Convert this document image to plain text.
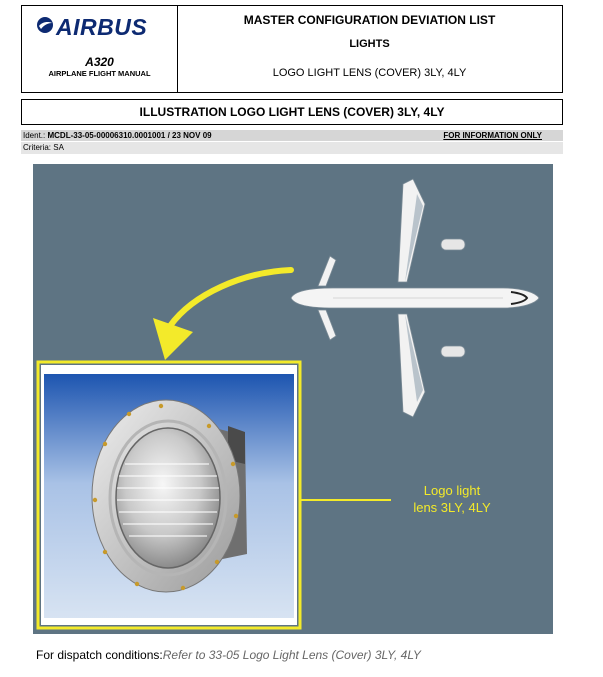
AIRBUS
A320
AIRPLANE FLIGHT MANUAL
MASTER CONFIGURATION DEVIATION LIST
LIGHTS
LOGO LIGHT LENS (COVER) 3LY, 4LY
ILLUSTRATION LOGO LIGHT LENS (COVER) 3LY, 4LY
Ident.: MCDL-33-05-00006310.0001001 / 23 NOV 09	FOR INFORMATION ONLY
Criteria: SA
Logo light
lens 3LY, 4LY
For dispatch conditions:Refer to 33-05 Logo Light Lens (Cover) 3LY, 4LY
